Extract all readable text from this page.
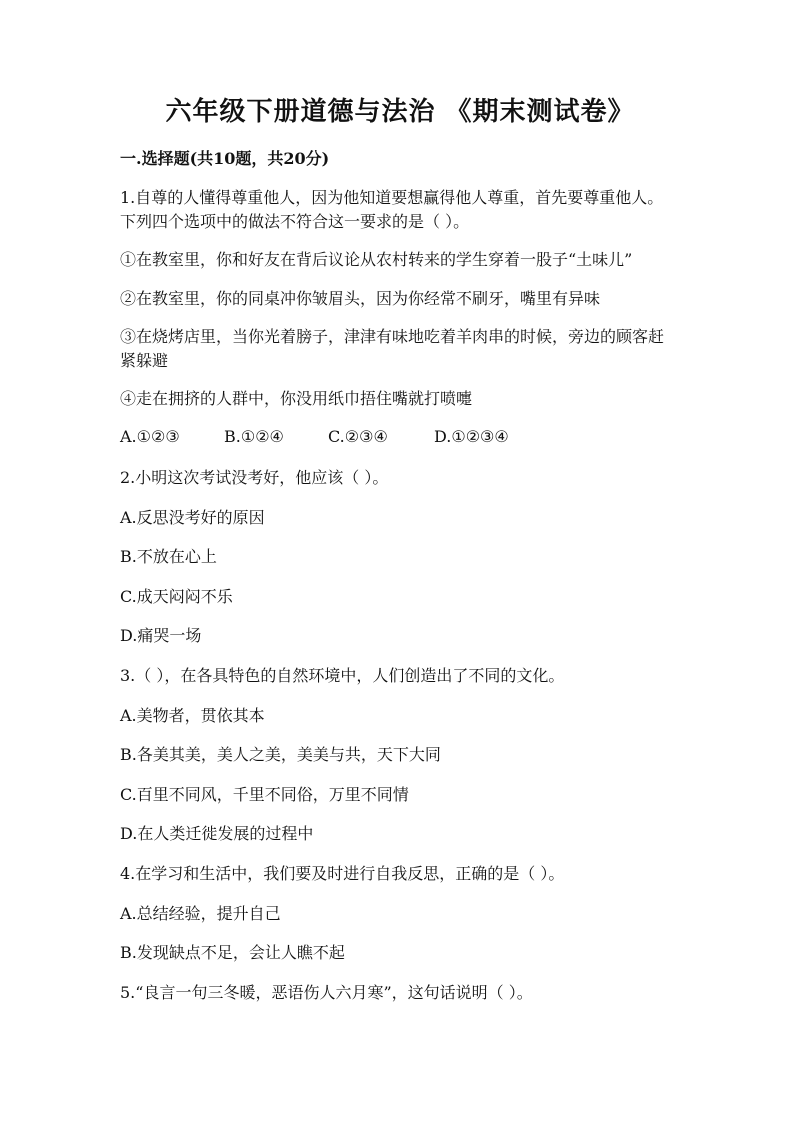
六年级下册道德与法治 《期末测试卷》
一.选择题(共10题，共20分)
1.自尊的人懂得尊重他人，因为他知道要想赢得他人尊重，首先要尊重他人。
下列四个选项中的做法不符合这一要求的是（ ）。
①在教室里，你和好友在背后议论从农村转来的学生穿着一股子“土味儿”
②在教室里，你的同桌冲你皱眉头，因为你经常不刷牙，嘴里有异味
③在烧烤店里，当你光着膀子，津津有味地吃着羊肉串的时候，旁边的顾客赶
紧躲避
④走在拥挤的人群中，你没用纸巾捂住嘴就打喷嚏
A.①②③	B.①②④	C.②③④	D.①②③④
2.小明这次考试没考好，他应该（ ）。
A.反思没考好的原因
B.不放在心上
C.成天闷闷不乐
D.痛哭一场
3.（ ），在各具特色的自然环境中，人们创造出了不同的文化。
A.美物者，贯依其本
B.各美其美，美人之美，美美与共，天下大同
C.百里不同风，千里不同俗，万里不同情
D.在人类迁徙发展的过程中
4.在学习和生活中，我们要及时进行自我反思，正确的是（ ）。
A.总结经验，提升自己
B.发现缺点不足，会让人瞧不起
5.“良言一句三冬暖，恶语伤人六月寒”，这句话说明（ ）。
